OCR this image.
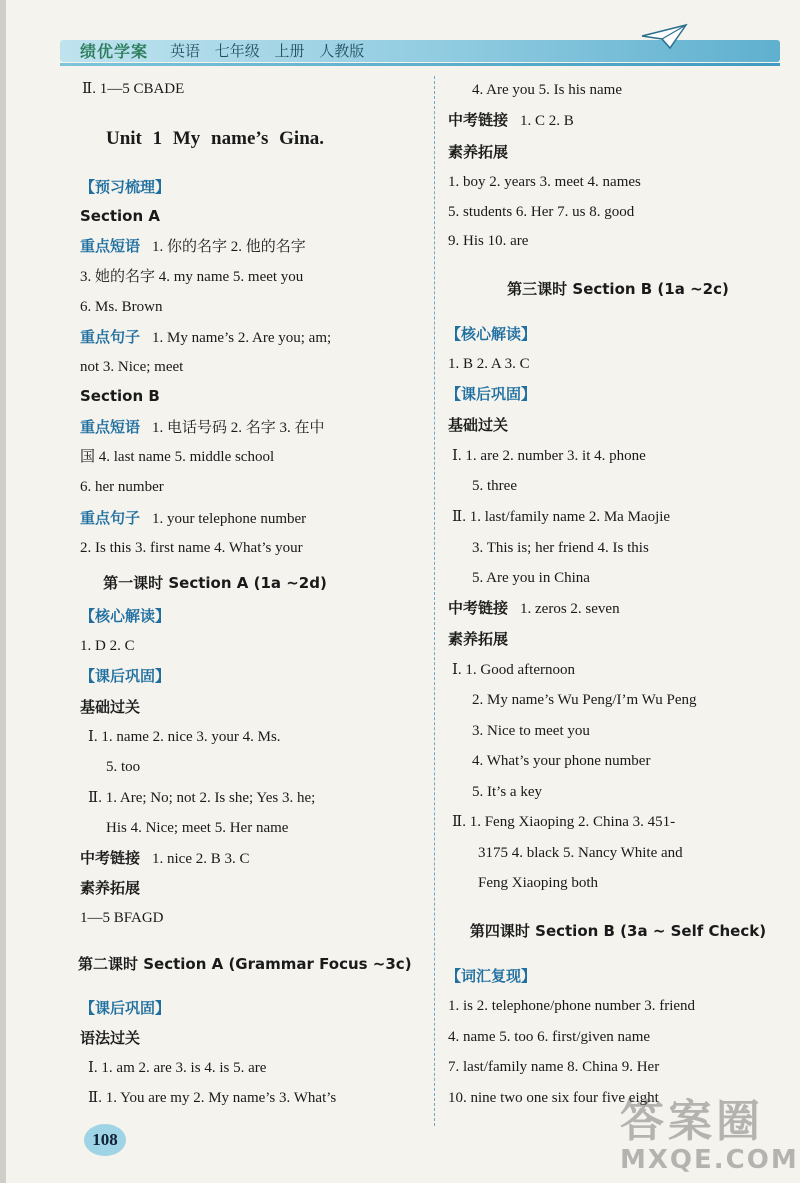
绩优学案 英语 七年级 上册 人教版
Ⅱ. 1—5 CBADE
Unit 1 My name’s Gina.
【预习梳理】
Section A
重点短语 1. 你的名字 2. 他的名字
3. 她的名字 4. my name 5. meet you
6. Ms. Brown
重点句子 1. My name’s 2. Are you; am;
not 3. Nice; meet
Section B
重点短语 1. 电话号码 2. 名字 3. 在中
国 4. last name 5. middle school
6. her number
重点句子 1. your telephone number
2. Is this 3. first name 4. What’s your
第一课时 Section A (1a ~2d)
【核心解读】
1. D 2. C
【课后巩固】
基础过关
Ⅰ. 1. name 2. nice 3. your 4. Ms.
5. too
Ⅱ. 1. Are; No; not 2. Is she; Yes 3. he;
His 4. Nice; meet 5. Her name
中考链接 1. nice 2. B 3. C
素养拓展
1—5 BFAGD
第二课时 Section A (Grammar Focus ~3c)
【课后巩固】
语法过关
Ⅰ. 1. am 2. are 3. is 4. is 5. are
Ⅱ. 1. You are my 2. My name’s 3. What’s
4. Are you 5. Is his name
中考链接 1. C 2. B
素养拓展
1. boy 2. years 3. meet 4. names
5. students 6. Her 7. us 8. good
9. His 10. are
第三课时 Section B (1a ~2c)
【核心解读】
1. B 2. A 3. C
【课后巩固】
基础过关
Ⅰ. 1. are 2. number 3. it 4. phone
5. three
Ⅱ. 1. last/family name 2. Ma Maojie
3. This is; her friend 4. Is this
5. Are you in China
中考链接 1. zeros 2. seven
素养拓展
Ⅰ. 1. Good afternoon
2. My name’s Wu Peng/I’m Wu Peng
3. Nice to meet you
4. What’s your phone number
5. It’s a key
Ⅱ. 1. Feng Xiaoping 2. China 3. 451-
3175 4. black 5. Nancy White and
Feng Xiaoping both
第四课时 Section B (3a ~ Self Check)
【词汇复现】
1. is 2. telephone/phone number 3. friend
4. name 5. too 6. first/given name
7. last/family name 8. China 9. Her
10. nine two one six four five eight
108	答案圈
MXQE.COM
